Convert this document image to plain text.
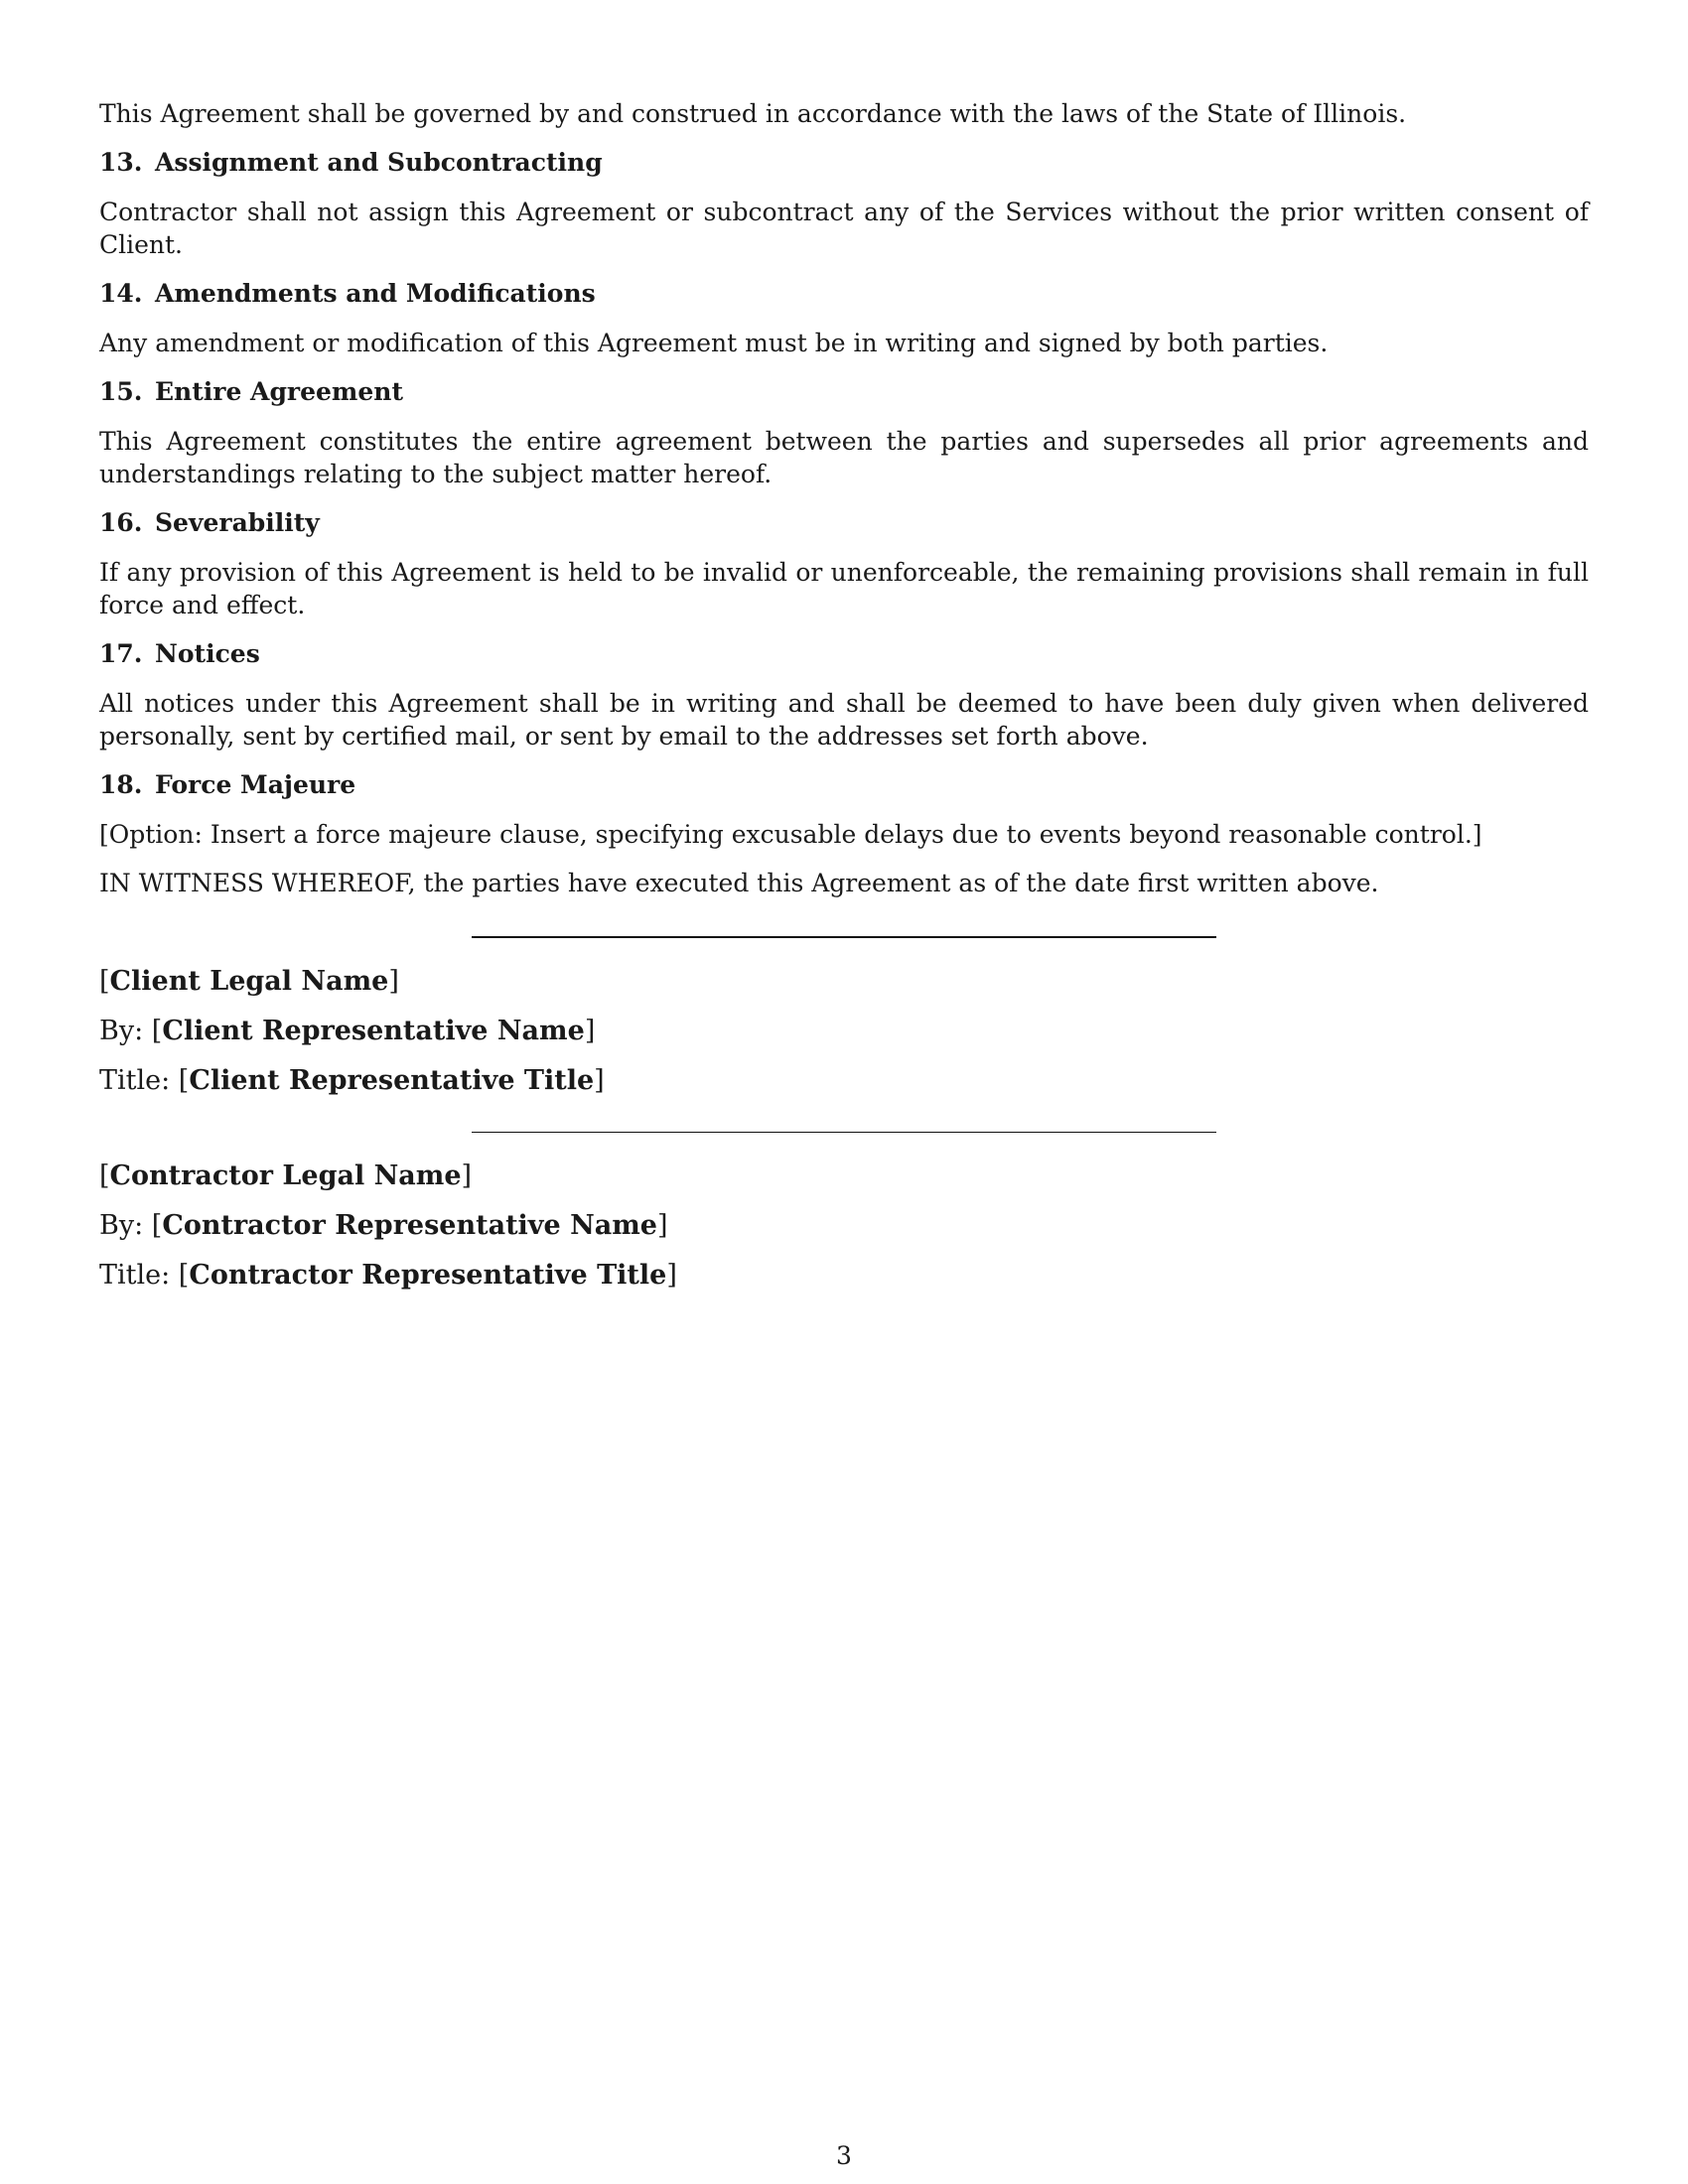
This Agreement shall be governed by and construed in accordance with the laws of the State of Illinois.

13. Assignment and Subcontracting

Contractor shall not assign this Agreement or subcontract any of the Services without the prior written consent of Client.

14. Amendments and Modifications

Any amendment or modification of this Agreement must be in writing and signed by both parties.

15. Entire Agreement

This Agreement constitutes the entire agreement between the parties and supersedes all prior agreements and understandings relating to the subject matter hereof.

16. Severability

If any provision of this Agreement is held to be invalid or unenforceable, the remaining provisions shall remain in full force and effect.

17. Notices

All notices under this Agreement shall be in writing and shall be deemed to have been duly given when delivered personally, sent by certified mail, or sent by email to the addresses set forth above.

18. Force Majeure

[Option: Insert a force majeure clause, specifying excusable delays due to events beyond reasonable control.]

IN WITNESS WHEREOF, the parties have executed this Agreement as of the date first written above.

[Client Legal Name]
By: [Client Representative Name]
Title: [Client Representative Title]
[Contractor Legal Name]
By: [Contractor Representative Name]
Title: [Contractor Representative Title]
3
